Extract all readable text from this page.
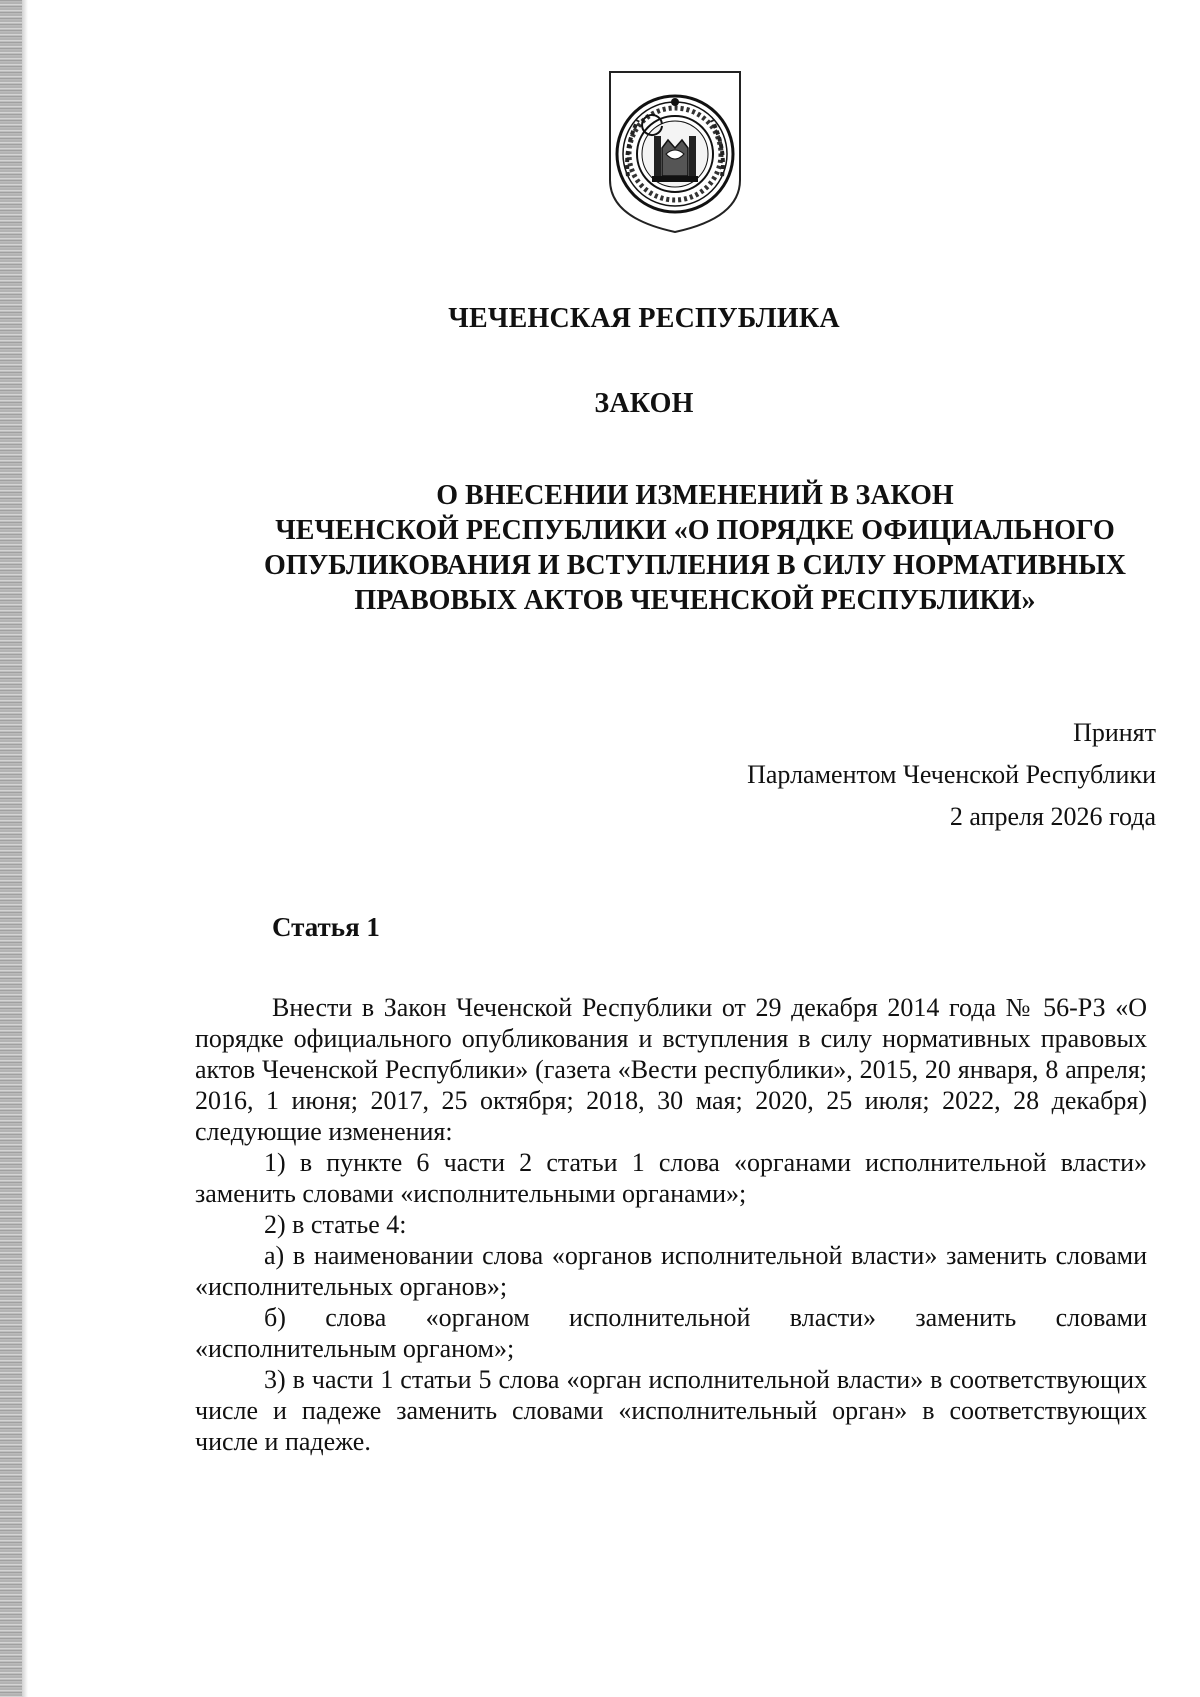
ЧЕЧЕНСКАЯ РЕСПУБЛИКА
ЗАКОН
О ВНЕСЕНИИ ИЗМЕНЕНИЙ В ЗАКОН
ЧЕЧЕНСКОЙ РЕСПУБЛИКИ «О ПОРЯДКЕ ОФИЦИАЛЬНОГО
ОПУБЛИКОВАНИЯ И ВСТУПЛЕНИЯ В СИЛУ НОРМАТИВНЫХ
ПРАВОВЫХ АКТОВ ЧЕЧЕНСКОЙ РЕСПУБЛИКИ»
Принят
Парламентом Чеченской Республики
2 апреля 2026 года
Статья 1

Внести в Закон Чеченской Республики от 29 декабря 2014 года № 56-РЗ «О порядке официального опубликования и вступления в силу нормативных правовых актов Чеченской Республики» (газета «Вести республики», 2015, 20 января, 8 апреля; 2016, 1 июня; 2017, 25 октября; 2018, 30 мая; 2020, 25 июля; 2022, 28 декабря) следующие изменения:

1) в пункте 6 части 2 статьи 1 слова «органами исполнительной власти» заменить словами «исполнительными органами»;

2) в статье 4:

а) в наименовании слова «органов исполнительной власти» заменить словами «исполнительных органов»;

б) слова «органом исполнительной власти» заменить словами «исполнительным органом»;

3) в части 1 статьи 5 слова «орган исполнительной власти» в соответствующих числе и падеже заменить словами «исполнительный орган» в соответствующих числе и падеже.
